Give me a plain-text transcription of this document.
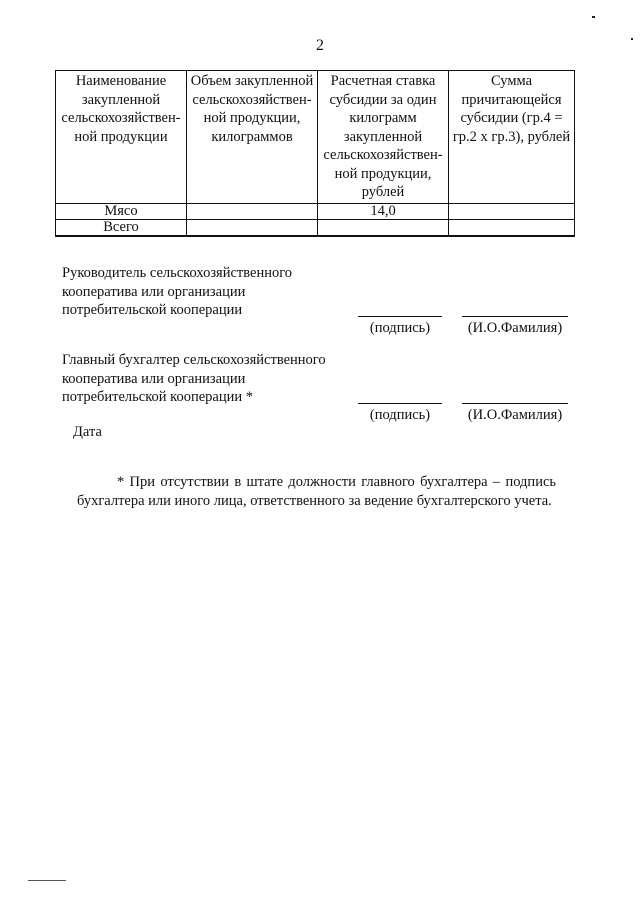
2
Наименование закупленной сельскохозяйствен-ной продукции	Объем закупленной сельскохозяйствен-ной продукции, килограммов	Расчетная ставка субсидии за один килограмм закупленной сельскохозяйствен-ной продукции, рублей	Сумма причитающейся субсидии (гр.4 = гр.2 х гр.3), рублей
Мясо		14,0	
Всего			
Руководитель сельскохозяйственного
кооператива или организации
потребительской кооперации
(подпись)	(И.О.Фамилия)
Главный бухгалтер сельскохозяйственного
кооператива или организации
потребительской кооперации *
(подпись)	(И.О.Фамилия)
Дата
* При отсутствии в штате должности главного бухгалтера – подпись бухгалтера или иного лица, ответственного за ведение бухгалтерского учета.
